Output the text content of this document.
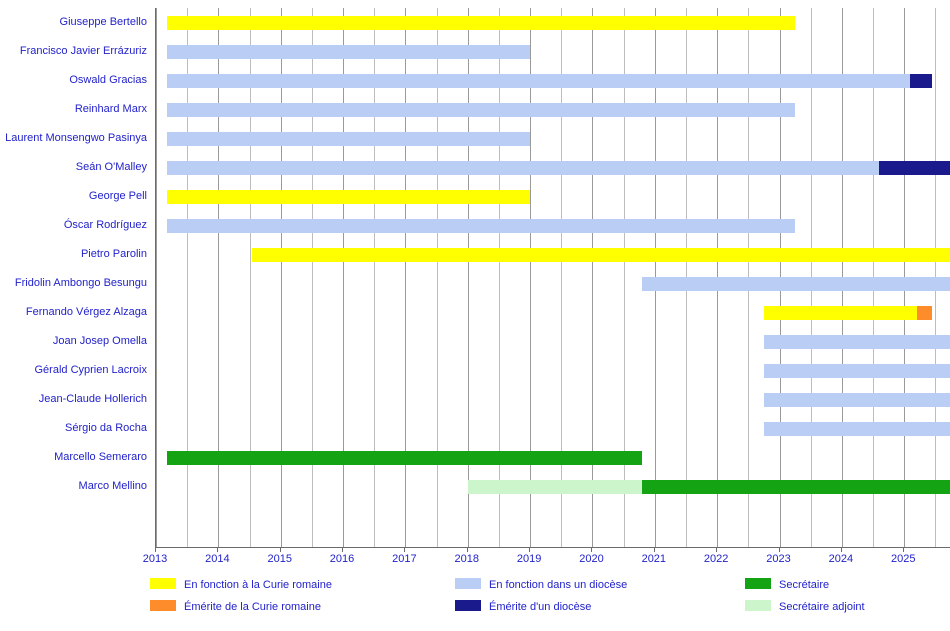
2013	2014	2015	2016	2017	2018	2019	2020	2021	2022	2023	2024	2025
Giuseppe Bertello
Francisco Javier Errázuriz
Oswald Gracias
Reinhard Marx
Laurent Monsengwo Pasinya
Seán O'Malley
George Pell
Óscar Rodríguez
Pietro Parolin
Fridolin Ambongo Besungu
Fernando Vérgez Alzaga
Joan Josep Omella
Gérald Cyprien Lacroix
Jean-Claude Hollerich
Sérgio da Rocha
Marcello Semeraro
Marco Mellino
En fonction à la Curie romaine
Émérite de la Curie romaine
En fonction dans un diocèse
Émérite d'un diocèse
Secrétaire
Secrétaire adjoint
